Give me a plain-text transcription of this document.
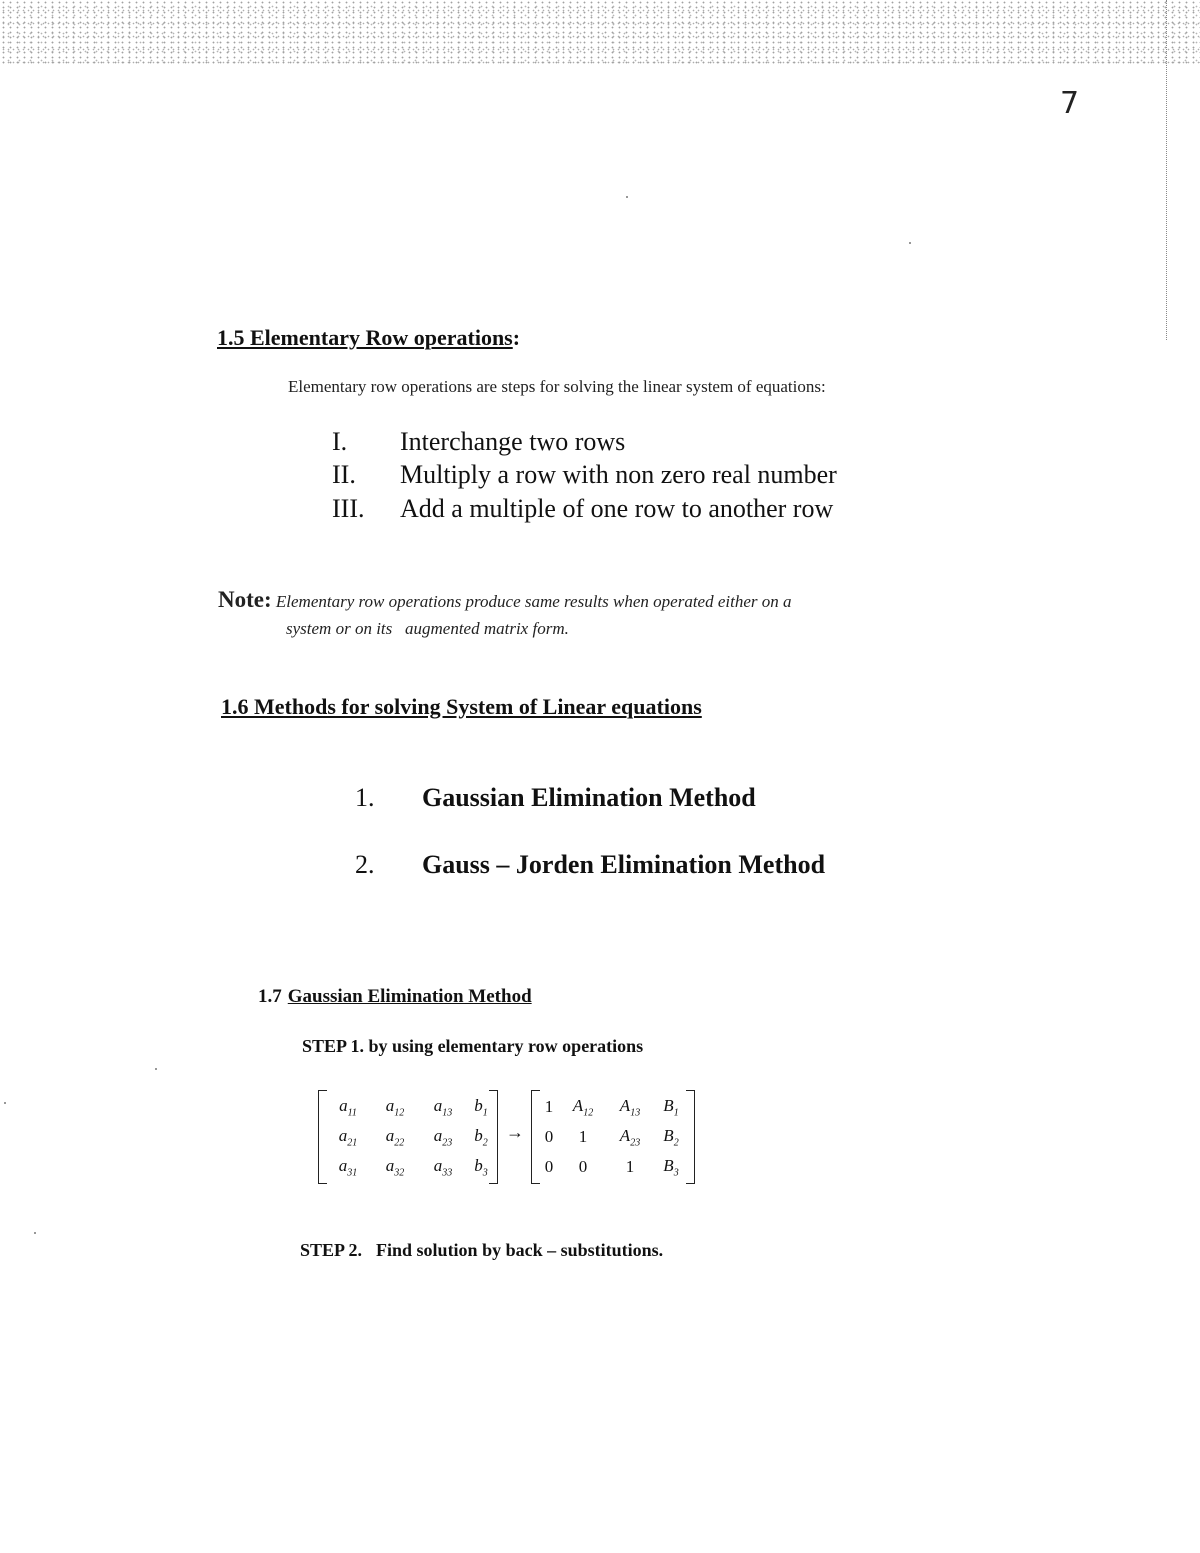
7
1.5 Elementary Row operations:
Elementary row operations are steps for solving the linear system of equations:
I. Interchange two rows
II. Multiply a row with non zero real number
III. Add a multiple of one row to another row
Note: Elementary row operations produce same results when operated either on a
system or on its   augmented matrix form.
1.6 Methods for solving System of Linear equations
1. Gaussian Elimination Method
2. Gauss – Jorden Elimination Method
1.7 Gaussian Elimination Method
STEP 1. by using elementary row operations
$a_{11}$	$a_{12}$	$a_{13}$	$b_1$
$a_{21}$	$a_{22}$	$a_{23}$	$b_2$
$a_{31}$	$a_{32}$	$a_{33}$	$b_3$
→
1	$A_{12}$	$A_{13}$	$B_1$
0	1	$A_{23}$	$B_2$
0	0	1	$B_3$
STEP 2. Find solution by back – substitutions.
